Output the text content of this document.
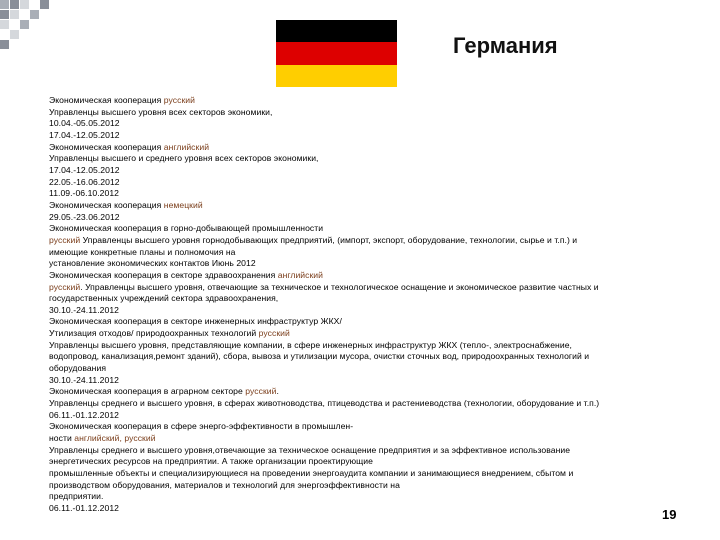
Германия
Экономическая кооперация русский
Управленцы высшего уровня всех секторов экономики,
10.04.-05.05.2012
17.04.-12.05.2012
Экономическая кооперация английский
Управленцы высшего и среднего уровня всех секторов экономики,
17.04.-12.05.2012
22.05.-16.06.2012
11.09.-06.10.2012
Экономическая кооперация немецкий
29.05.-23.06.2012
Экономическая кооперация в горно-добывающей промышленности
русский Управленцы высшего уровня горнодобывающих предприятий, (импорт, экспорт, оборудование, технологии, сырье и т.п.) и
имеющие конкретные планы и полномочия на
установление экономических контактов Июнь 2012
Экономическая кооперация в секторе здравоохранения английский
русский. Управленцы высшего уровня, отвечающие за техническое и технологическое оснащение и экономическое развитие частных и
государственных учреждений сектора здравоохранения,
30.10.-24.11.2012
Экономическая кооперация в секторе инженерных инфраструктур ЖКХ/
Утилизация отходов/ природоохранных технологий русский
Управленцы высшего уровня, представляющие компании, в сфере инженерных инфраструктур ЖКХ (тепло-, электроснабжение,
водопровод, канализация,ремонт зданий), сбора, вывоза и утилизации мусора, очистки сточных вод, природоохранных технологий и
оборудования
30.10.-24.11.2012
Экономическая кооперация в аграрном секторе русский.
Управленцы среднего и высшего уровня, в сферах животноводства, птицеводства и растениеводства (технологии, оборудование и т.п.)
06.11.-01.12.2012
Экономическая кооперация в сфере энерго-эффективности в промышлен-
ности английский, русский
Управленцы среднего и высшего уровня,отвечающие за техническое оснащение предприятия и за эффективное использование
энергетических ресурсов на предприятии. А также организации проектирующие
промышленные объекты и специализирующиеся на проведении энергоаудита компании и занимающиеся внедрением, сбытом и
производством оборудования, материалов и технологий для энергоэффективности на
предприятии.
06.11.-01.12.2012	19
